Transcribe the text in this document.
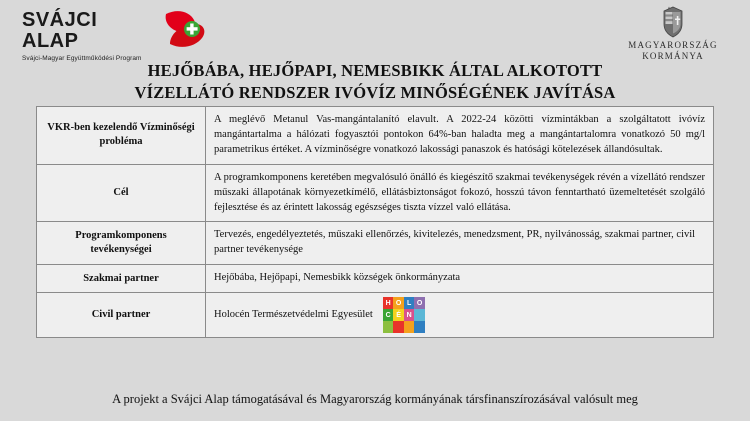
SVÁJCI ALAP
Svájci-Magyar Együttműködési Program
MAGYARORSZÁG
KORMÁNYA
HEJŐBÁBA, HEJŐPAPI, NEMESBIKK ÁLTAL ALKOTOTT
VÍZELLÁTÓ RENDSZER IVÓVÍZ MINŐSÉGÉNEK JAVÍTÁSA
VKR-ben kezelendő Vízminőségi probléma	A meglévő Metanul Vas-mangántalanító elavult. A 2022-24 közötti vízmintákban a szolgáltatott ivóvíz mangántartalma a hálózati fogyasztói pontokon 64%-ban haladta meg a mangántartalomra vonatkozó 50 mg/l parametrikus értéket. A vízminőségre vonatkozó lakossági panaszok és hatósági kötelezések állandósultak.
Cél	A programkomponens keretében megvalósuló önálló és kiegészítő szakmai tevékenységek révén a vízellátó rendszer műszaki állapotának környezetkímélő, ellátásbiztonságot fokozó, hosszú távon fenntartható üzemeltetését szolgáló fejlesztése és az érintett lakosság egészséges tiszta vízzel való ellátása.
Programkomponens tevékenységei	Tervezés, engedélyeztetés, műszaki ellenőrzés, kivitelezés, menedzsment, PR, nyilvánosság, szakmai partner, civil partner tevékenysége
Szakmai partner	Hejőbába, Hejőpapi, Nemesbikk községek önkormányzata
Civil partner	Holocén Természetvédelmi Egyesület
H O L O
C É N
A projekt a Svájci Alap támogatásával és Magyarország kormányának társfinanszírozásával valósult meg
